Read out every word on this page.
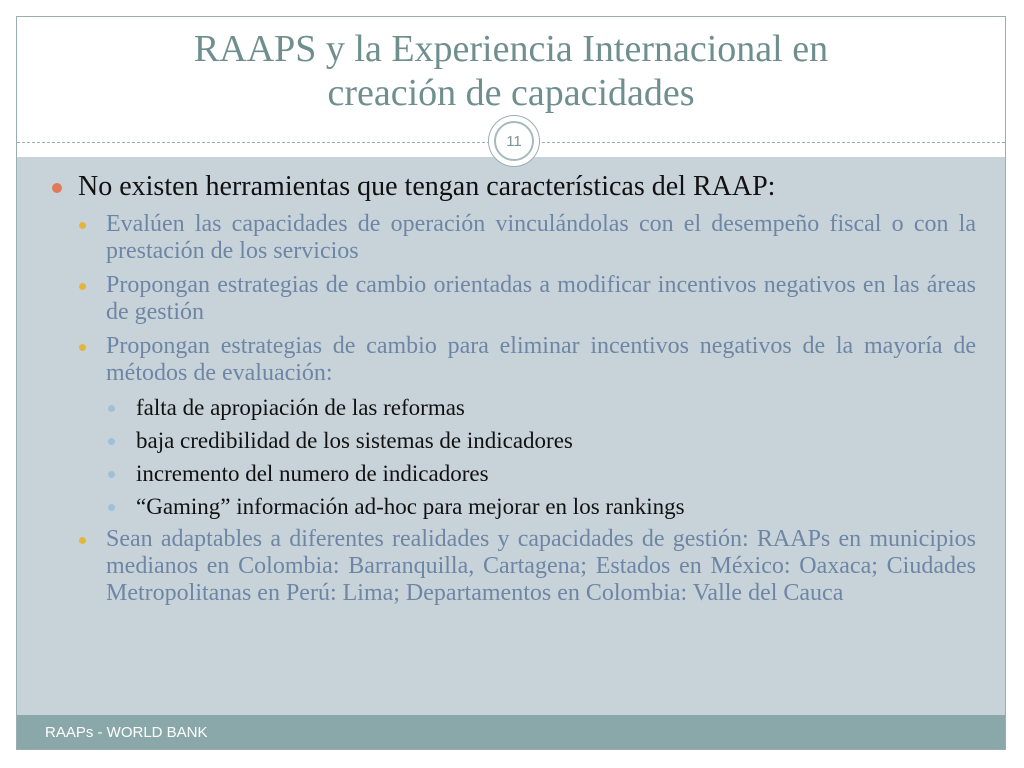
RAAPS y la Experiencia Internacional en
creación de capacidades
11
No existen herramientas que tengan características del RAAP:
Evalúen las capacidades de operación vinculándolas con el desempeño fiscal o con la prestación de los servicios
Propongan estrategias de cambio orientadas a modificar incentivos negativos en las áreas de gestión
Propongan estrategias de cambio para eliminar incentivos negativos de la mayoría de métodos de evaluación:
falta de apropiación de las reformas
baja credibilidad de los sistemas de indicadores
incremento del numero de indicadores
“Gaming” información ad-hoc para mejorar en los rankings
Sean adaptables a diferentes realidades y capacidades de gestión: RAAPs en municipios medianos en Colombia: Barranquilla, Cartagena; Estados en México: Oaxaca; Ciudades Metropolitanas en Perú: Lima; Departamentos en Colombia: Valle del Cauca
RAAPs - WORLD BANK
